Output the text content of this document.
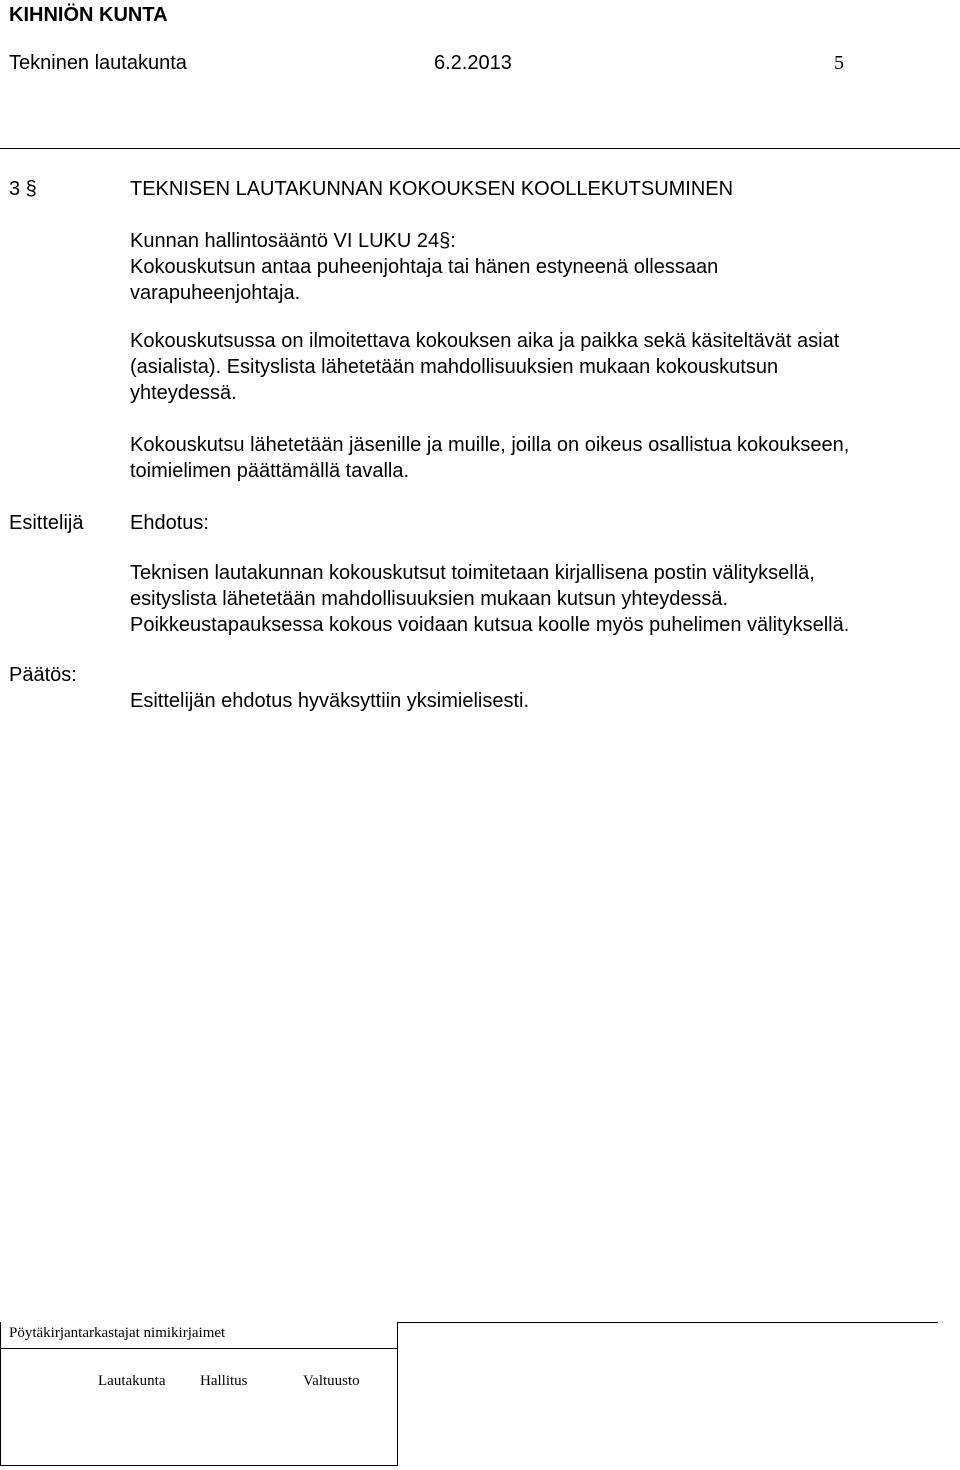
KIHNIÖN KUNTA
Tekninen lautakunta	6.2.2013	5
3 §	TEKNISEN LAUTAKUNNAN KOKOUKSEN KOOLLEKUTSUMINEN
Kunnan hallintosääntö VI LUKU 24§:
Kokouskutsun antaa puheenjohtaja tai hänen estyneenä ollessaan
varapuheenjohtaja.
Kokouskutsussa on ilmoitettava kokouksen aika ja paikka sekä käsiteltävät asiat
(asialista). Esityslista lähetetään mahdollisuuksien mukaan kokouskutsun
yhteydessä.
Kokouskutsu lähetetään jäsenille ja muille, joilla on oikeus osallistua kokoukseen,
toimielimen päättämällä tavalla.
Esittelijä Ehdotus:
Teknisen lautakunnan kokouskutsut toimitetaan kirjallisena postin välityksellä,
esityslista lähetetään mahdollisuuksien mukaan kutsun yhteydessä.
Poikkeustapauksessa kokous voidaan kutsua koolle myös puhelimen välityksellä.
Päätös:
Esittelijän ehdotus hyväksyttiin yksimielisesti.
Pöytäkirjantarkastajat nimikirjaimet
Lautakunta Hallitus	Valtuusto
